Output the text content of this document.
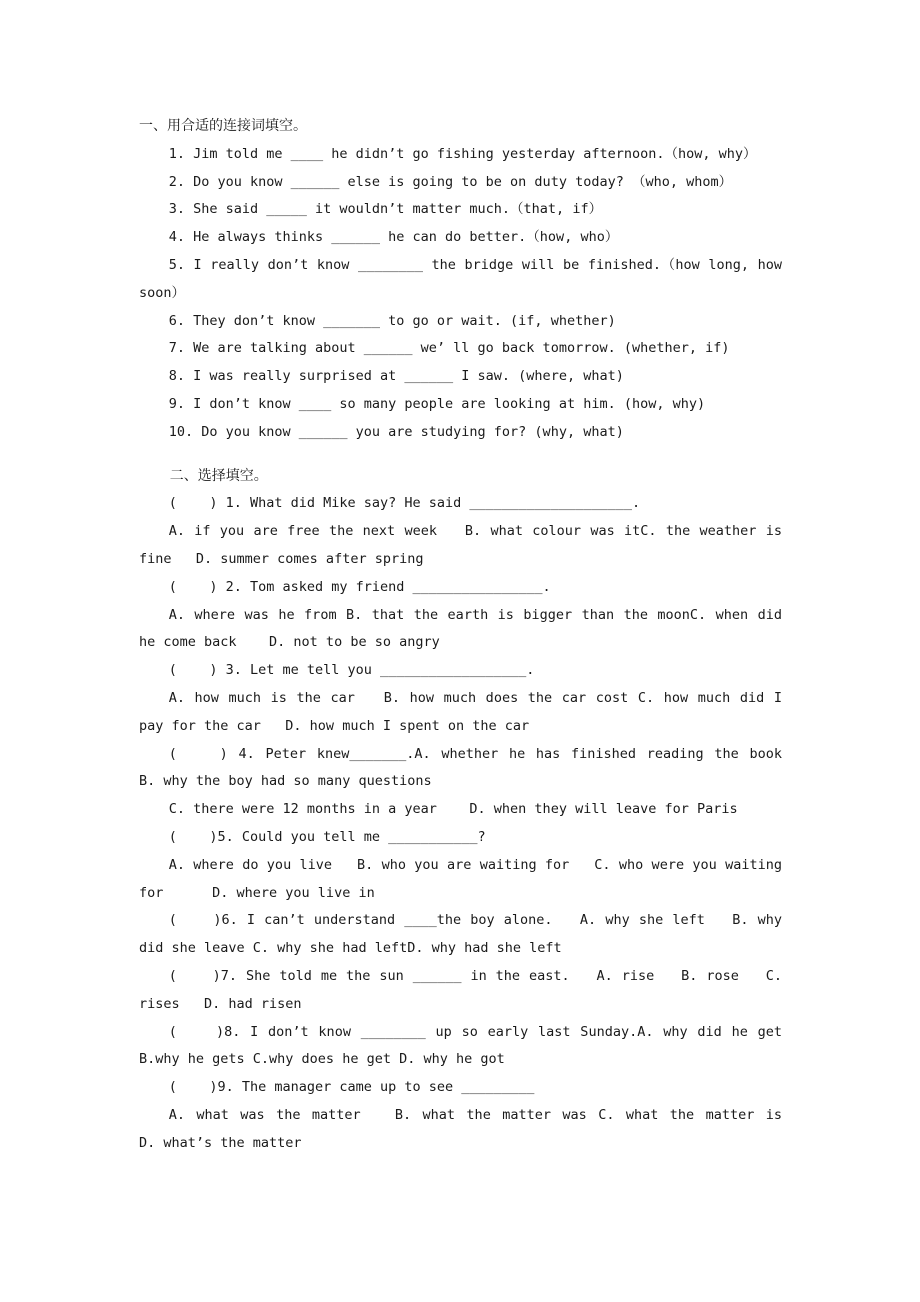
一、用合适的连接词填空。
1. Jim told me ____ he didn’t go fishing yesterday afternoon.（how, why）
2. Do you know ______ else is going to be on duty today? （who, whom）
3. She said _____ it wouldn’t matter much.（that, if）
4. He always thinks ______ he can do better.（how, who）
5. I really don’t know ________ the bridge will be finished.（how long, how soon）
6. They don’t know _______ to go or wait. (if, whether)
7. We are talking about ______ we’ ll go back tomorrow. (whether, if)
8. I was really surprised at ______ I saw. (where, what)
9. I don’t know ____ so many people are looking at him. (how, why)
10. Do you know ______ you are studying for? (why, what)
二、选择填空。
(    ) 1. What did Mike say? He said ____________________.
A. if you are free the next week   B. what colour was itC. the weather is fine   D. summer comes after spring
(    ) 2. Tom asked my friend ________________.
A. where was he from B. that the earth is bigger than the moonC. when did he come back    D. not to be so angry
(    ) 3. Let me tell you __________________.
A. how much is the car   B. how much does the car cost C. how much did I pay for the car   D. how much I spent on the car
(    ) 4. Peter knew_______.A. whether he has finished reading the book   B. why the boy had so many questions
C. there were 12 months in a year    D. when they will leave for Paris
(    )5. Could you tell me ___________?
A. where do you live   B. who you are waiting for   C. who were you waiting for      D. where you live in
(    )6. I can’t understand ____the boy alone.   A. why she left   B. why did she leave C. why she had leftD. why had she left
(    )7. She told me the sun ______ in the east.   A. rise   B. rose   C. rises   D. had risen
(    )8. I don’t know ________ up so early last Sunday.A. why did he get B.why he gets C.why does he get D. why he got
(    )9. The manager came up to see _________
A. what was the matter   B. what the matter was C. what the matter is      D. what’s the matter
